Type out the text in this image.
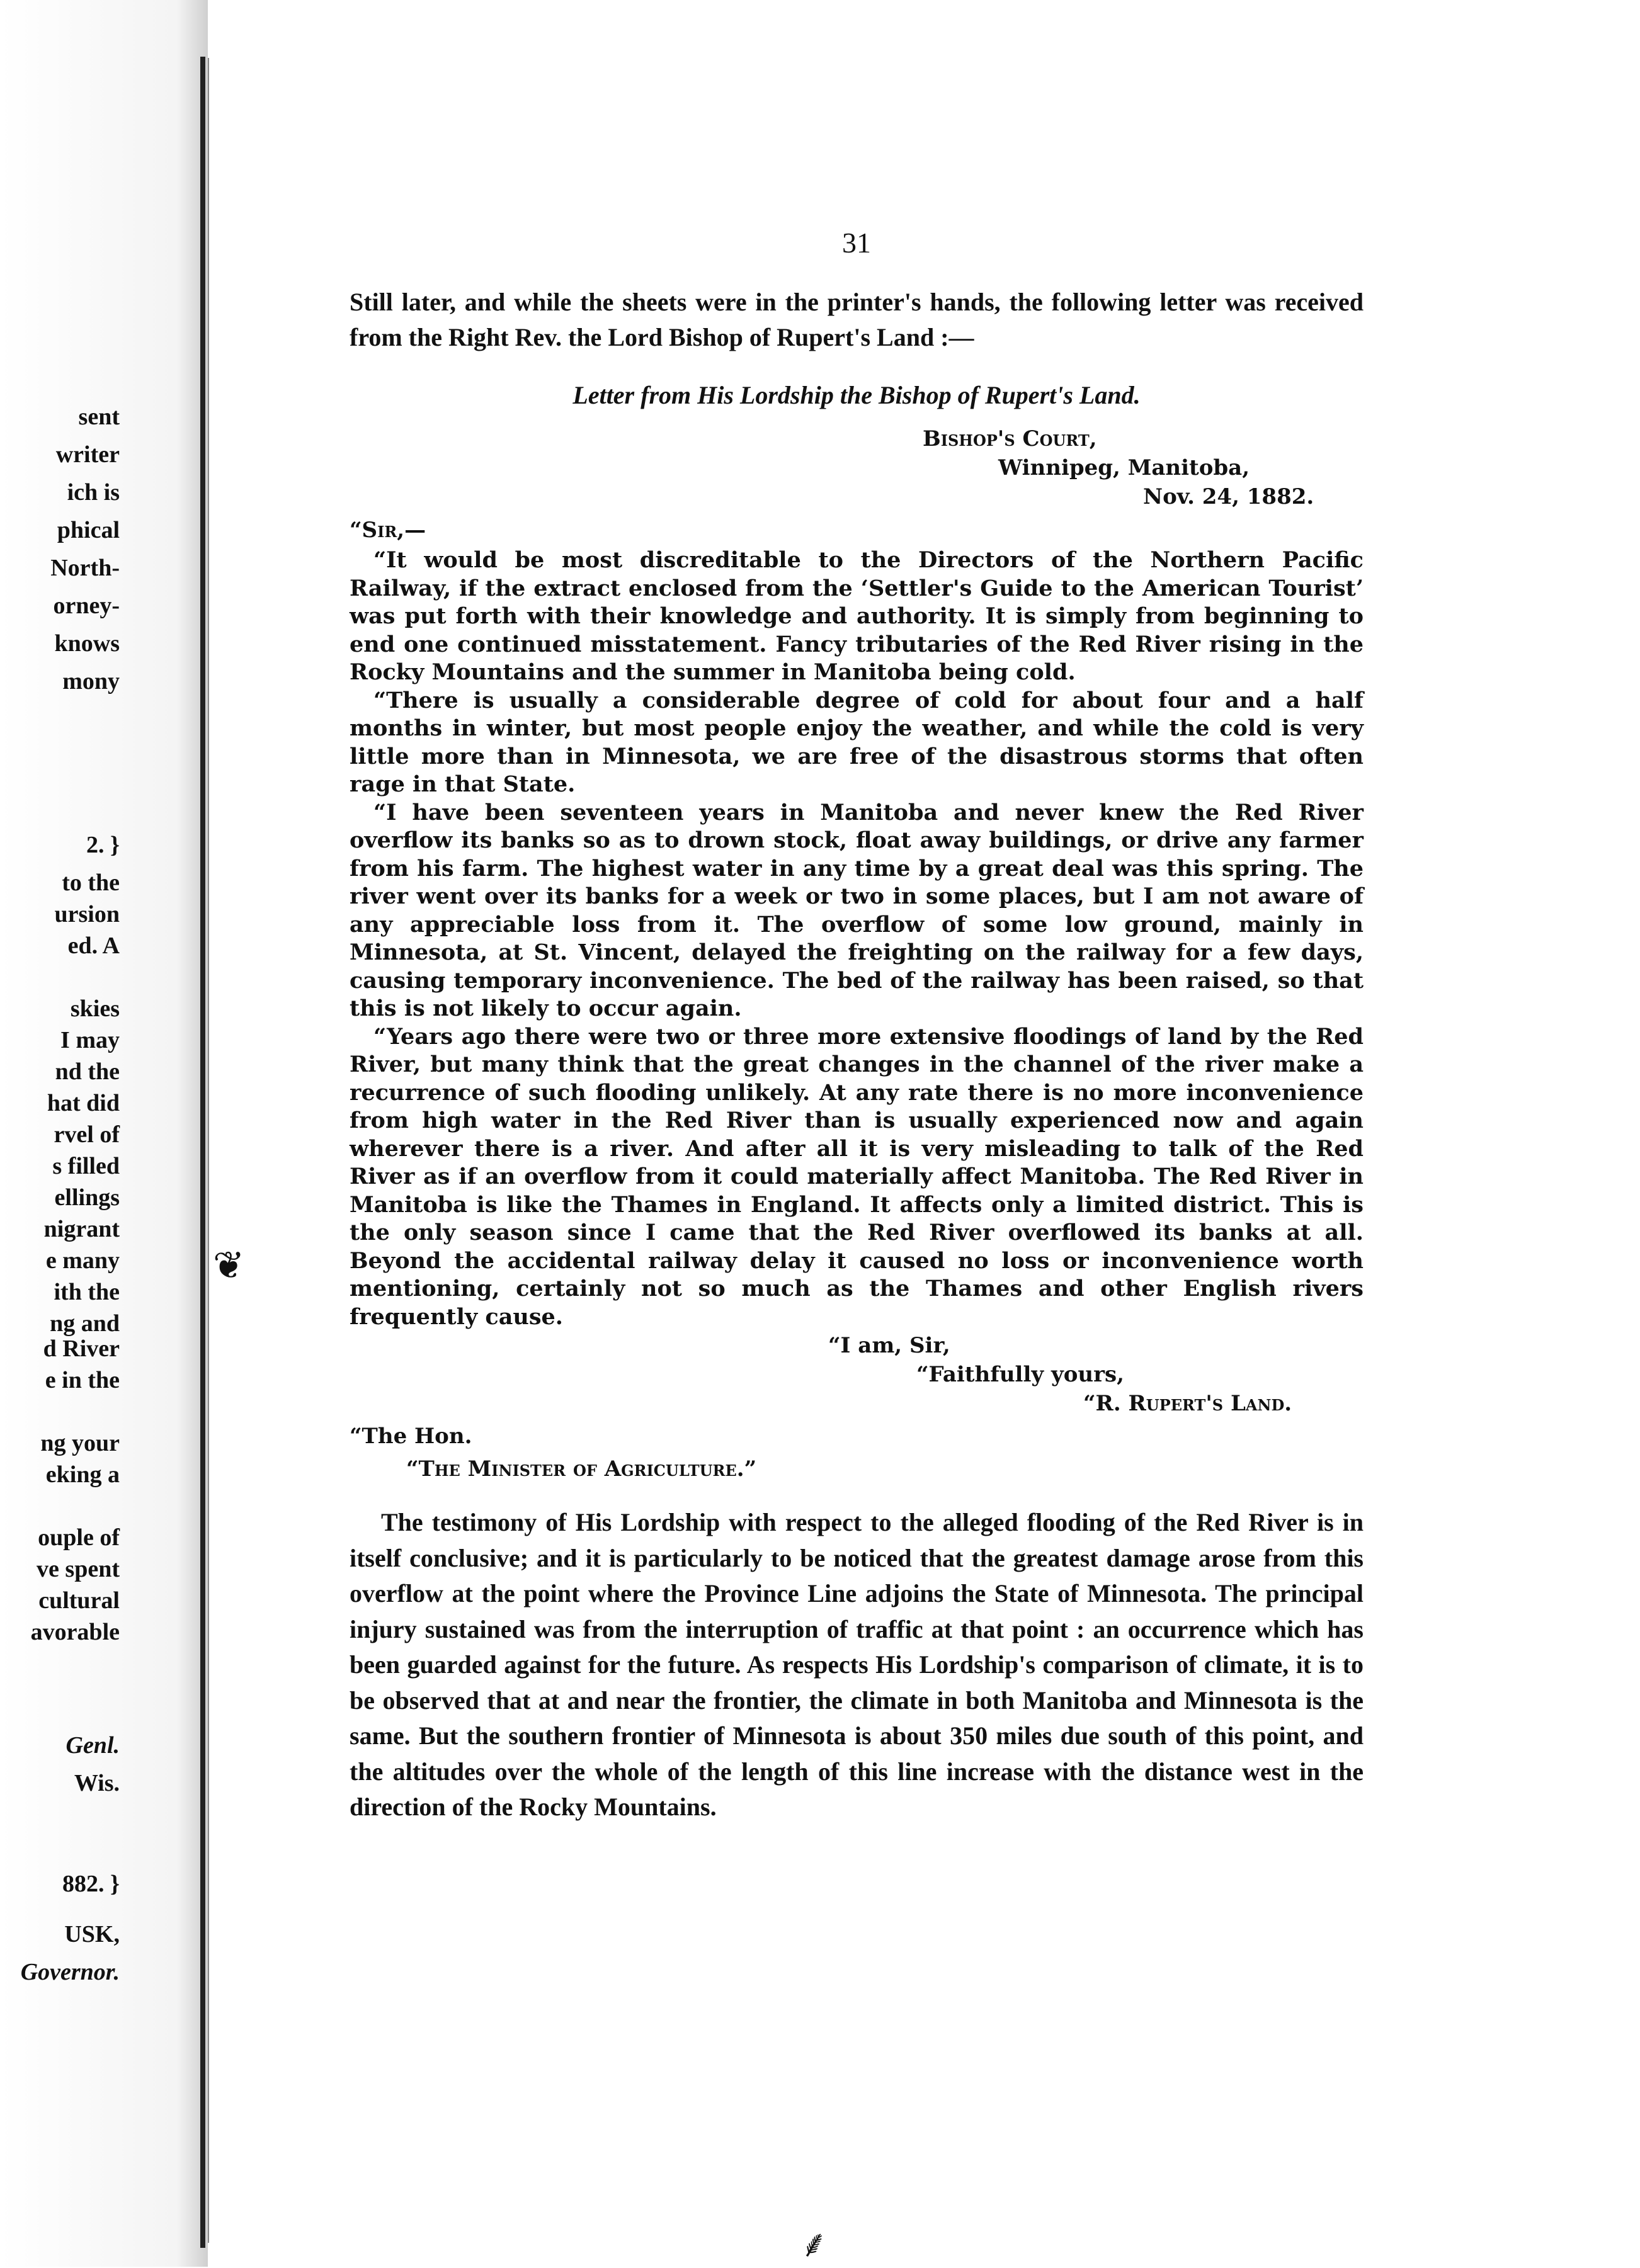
sent
writer
ich is
phical
North-
orney-
knows
mony
2. }
to the
ursion
ed. A
skies
I may
nd the
hat did
rvel of
s filled
ellings
nigrant
e many
ith the
ng and
d River
e in the
ng your
eking a
ouple of
ve spent
cultural
avorable
Genl.
Wis.
882. }
USK,
Governor.
❦
31
Still later, and while the sheets were in the printer's hands, the following letter was received from the Right Rev. the Lord Bishop of Rupert's Land :—
Letter from His Lordship the Bishop of Rupert's Land.
Bishop's Court,
Winnipeg, Manitoba,
Nov. 24, 1882.
“Sir,—

“It would be most discreditable to the Directors of the Northern Pacific Railway, if the extract enclosed from the ‘Settler's Guide to the American Tourist’ was put forth with their knowledge and authority. It is simply from beginning to end one continued misstatement. Fancy tributaries of the Red River rising in the Rocky Mountains and the summer in Manitoba being cold.

“There is usually a considerable degree of cold for about four and a half months in winter, but most people enjoy the weather, and while the cold is very little more than in Minnesota, we are free of the disastrous storms that often rage in that State.

“I have been seventeen years in Manitoba and never knew the Red River overflow its banks so as to drown stock, float away buildings, or drive any farmer from his farm. The highest water in any time by a great deal was this spring. The river went over its banks for a week or two in some places, but I am not aware of any appreciable loss from it. The overflow of some low ground, mainly in Minnesota, at St. Vincent, delayed the freighting on the railway for a few days, causing temporary inconvenience. The bed of the railway has been raised, so that this is not likely to occur again.

“Years ago there were two or three more extensive floodings of land by the Red River, but many think that the great changes in the channel of the river make a recurrence of such flooding unlikely. At any rate there is no more inconvenience from high water in the Red River than is usually experienced now and again wherever there is a river. And after all it is very misleading to talk of the Red River as if an overflow from it could materially affect Manitoba. The Red River in Manitoba is like the Thames in England. It affects only a limited district. This is the only season since I came that the Red River overflowed its banks at all. Beyond the accidental railway delay it caused no loss or inconvenience worth mentioning, certainly not so much as the Thames and other English rivers frequently cause.

“I am, Sir,
“Faithfully yours,
“R. Rupert's Land.
“The Hon.
“The Minister of Agriculture.”
The testimony of His Lordship with respect to the alleged flooding of the Red River is in itself conclusive; and it is particularly to be noticed that the greatest damage arose from this overflow at the point where the Province Line adjoins the State of Minnesota. The principal injury sustained was from the interruption of traffic at that point : an occurrence which has been guarded against for the future. As respects His Lordship's comparison of climate, it is to be observed that at and near the frontier, the climate in both Manitoba and Minnesota is the same. But the southern frontier of Minnesota is about 350 miles due south of this point, and the altitudes over the whole of the length of this line increase with the distance west in the direction of the Rocky Mountains.
⸙
